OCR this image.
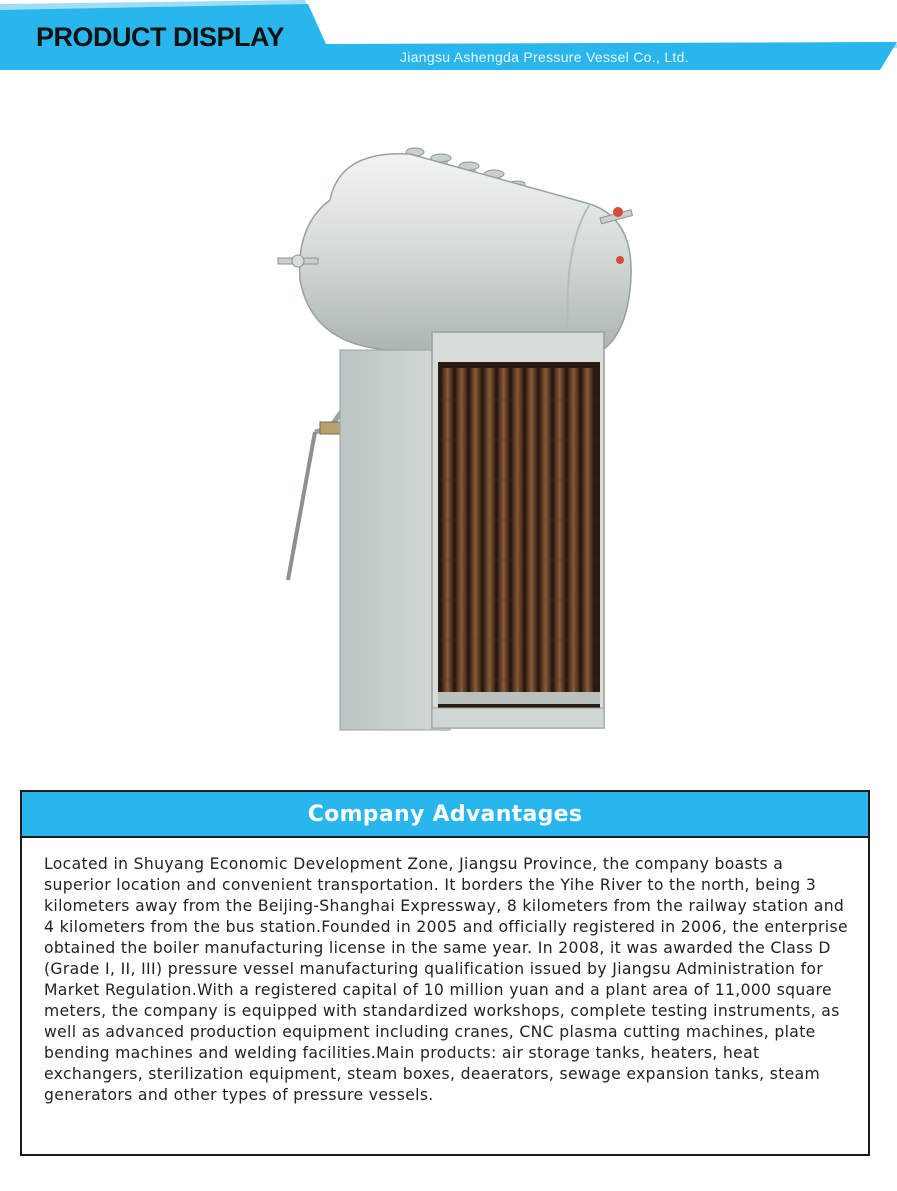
PRODUCT DISPLAY
Jiangsu Ashengda Pressure Vessel Co., Ltd.
Company Advantages
Located in Shuyang Economic Development Zone, Jiangsu Province, the company boasts a superior location and convenient transportation. It borders the Yihe River to the north, being 3 kilometers away from the Beijing-Shanghai Expressway, 8 kilometers from the railway station and 4 kilometers from the bus station.Founded in 2005 and officially registered in 2006, the enterprise obtained the boiler manufacturing license in the same year. In 2008, it was awarded the Class D (Grade I, II, III) pressure vessel manufacturing qualification issued by Jiangsu Administration for Market Regulation.With a registered capital of 10 million yuan and a plant area of 11,000 square meters, the company is equipped with standardized workshops, complete testing instruments, as well as advanced production equipment including cranes, CNC plasma cutting machines, plate bending machines and welding facilities.Main products: air storage tanks, heaters, heat exchangers, sterilization equipment, steam boxes, deaerators, sewage expansion tanks, steam generators and other types of pressure vessels.
